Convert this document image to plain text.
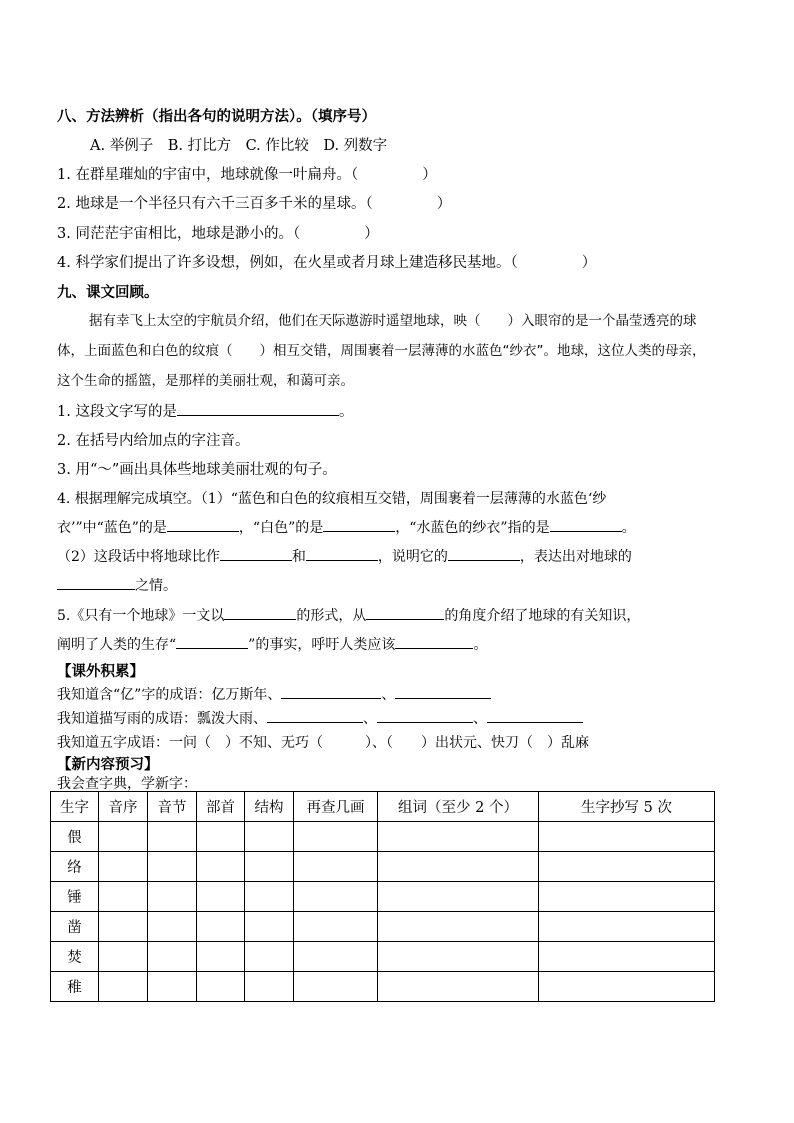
八、方法辨析（指出各句的说明方法）。（填序号）
A. 举例子　B. 打比方　C. 作比较　D. 列数字
1. 在群星璀灿的宇宙中，地球就像一叶扁舟。（	）
2. 地球是一个半径只有六千三百多千米的星球。（	）
3. 同茫茫宇宙相比，地球是渺小的。（	）
4. 科学家们提出了许多设想，例如，在火星或者月球上建造移民基地。（	）
九、课文回顾。
据有幸飞上太空的宇航员介绍，他们在天际遨游时遥望地球，映（　　）入眼帘的是一个晶莹透亮的球体，上面蓝色和白色的纹痕（　　）相互交错，周围裹着一层薄薄的水蓝色“纱衣”。地球，这位人类的母亲，这个生命的摇篮，是那样的美丽壮观，和蔼可亲。
1. 这段文字写的是	。
2. 在括号内给加点的字注音。
3. 用“～”画出具体些地球美丽壮观的句子。
4. 根据理解完成填空。（1）“蓝色和白色的纹痕相互交错，周围裹着一层薄薄的水蓝色‘纱
衣’”中“蓝色”的是	，“白色”的是	，“水蓝色的纱衣”指的是	。
（2）这段话中将地球比作	和	，说明它的	，表达出对地球的
之情。
5.《只有一个地球》一文以	的形式，从	的角度介绍了地球的有关知识，
阐明了人类的生存“	”的事实，呼吁人类应该	。
【课外积累】
我知道含“亿”字的成语：亿万斯年、	、
我知道描写雨的成语：瓢泼大雨、	、	、
我知道五字成语：一问（　）不知、无巧（　　　）、（　　）出状元、快刀（　）乱麻
【新内容预习】
我会查字典，学新字：
生字	音序	音节	部首	结构	再查几画	组词（至少 2 个）	生字抄写 5 次
偎							
络							
锤							
凿							
焚							
稚							
